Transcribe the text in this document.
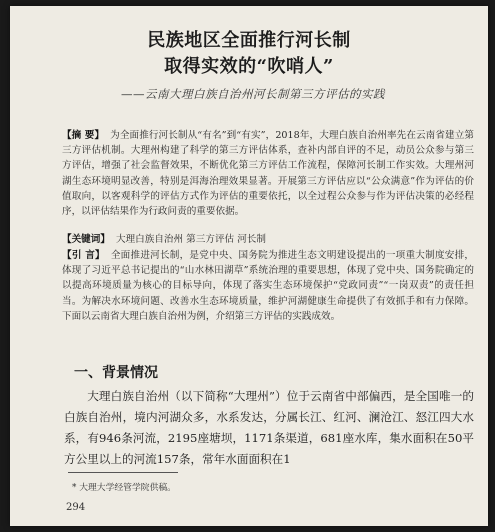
民族地区全面推行河长制
取得实效的“吹哨人”
——云南大理白族自治州河长制第三方评估的实践
【摘 要】 为全面推行河长制从“有名”到“有实”，2018年，大理白族自治州率先在云南省建立第三方评估机制。大理州构建了科学的第三方评估体系，查补内部自评的不足，动员公众参与第三方评估，增强了社会监督效果，不断优化第三方评估工作流程，保障河长制工作实效。大理州河湖生态环境明显改善，特别是洱海治理效果显著。开展第三方评估应以“公众满意”作为评估的价值取向，以客观科学的评估方式作为评估的重要依托，以全过程公众参与作为评估决策的必经程序，以评估结果作为行政问责的重要依据。
【关键词】 大理白族自治州 第三方评估 河长制
【引 言】 全面推进河长制，是党中央、国务院为推进生态文明建设提出的一项重大制度安排，体现了习近平总书记提出的“山水林田湖草”系统治理的重要思想，体现了党中央、国务院确定的以提高环境质量为核心的目标导向，体现了落实生态环境保护“党政同责”“一岗双责”的责任担当。为解决水环境问题、改善水生态环境质量，维护河湖健康生命提供了有效抓手和有力保障。下面以云南省大理白族自治州为例，介绍第三方评估的实践成效。
一、背景情况
大理白族自治州（以下简称“大理州”）位于云南省中部偏西，是全国唯一的白族自治州，境内河湖众多，水系发达，分属长江、红河、澜沧江、怒江四大水系，有946条河流，2195座塘坝，1171条渠道，681座水库，集水面积在50平方公里以上的河流157条，常年水面面积在1
* 大理大学经管学院供稿。
294
